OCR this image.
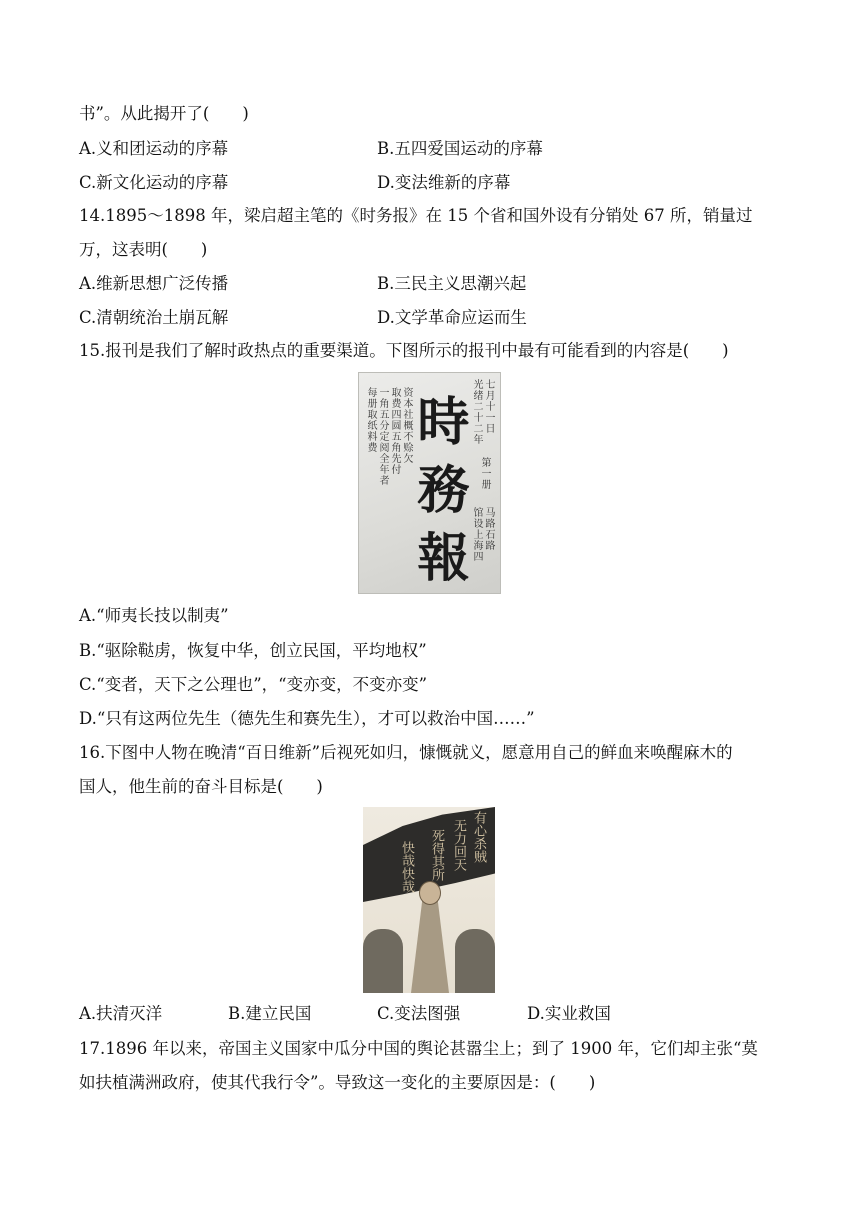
书”。从此揭开了(　　)
A.义和团运动的序幕	B.五四爱国运动的序幕
C.新文化运动的序幕	D.变法维新的序幕
14.1895～1898 年，梁启超主笔的《时务报》在 15 个省和国外设有分销处 67 所，销量过
万，这表明(　　)
A.维新思想广泛传播	B.三民主义思潮兴起
C.清朝统治土崩瓦解	D.文学革命应运而生
15.报刊是我们了解时政热点的重要渠道。下图所示的报刊中最有可能看到的内容是(　　)
每册取纸料费 一角五分定阅全年者 取费四圆五角先付 资本社概不赊欠 時
務
報
光绪二十二年 七月十一日
第一册
馆设上海四 马路石路
A.“师夷长技以制夷”
B.“驱除鞑虏，恢复中华，创立民国，平均地权”
C.“变者，天下之公理也”，“变亦变，不变亦变”
D.“只有这两位先生（德先生和赛先生），才可以救治中国……”
16.下图中人物在晚清“百日维新”后视死如归，慷慨就义，愿意用自己的鲜血来唤醒麻木的
国人，他生前的奋斗目标是(　　)
有心杀贼
无力回天
死得其所
快哉快哉
A.扶清灭洋	B.建立民国	C.变法图强	D.实业救国
17.1896 年以来，帝国主义国家中瓜分中国的舆论甚嚣尘上；到了 1900 年，它们却主张“莫
如扶植满洲政府，使其代我行令”。导致这一变化的主要原因是：(　　)
